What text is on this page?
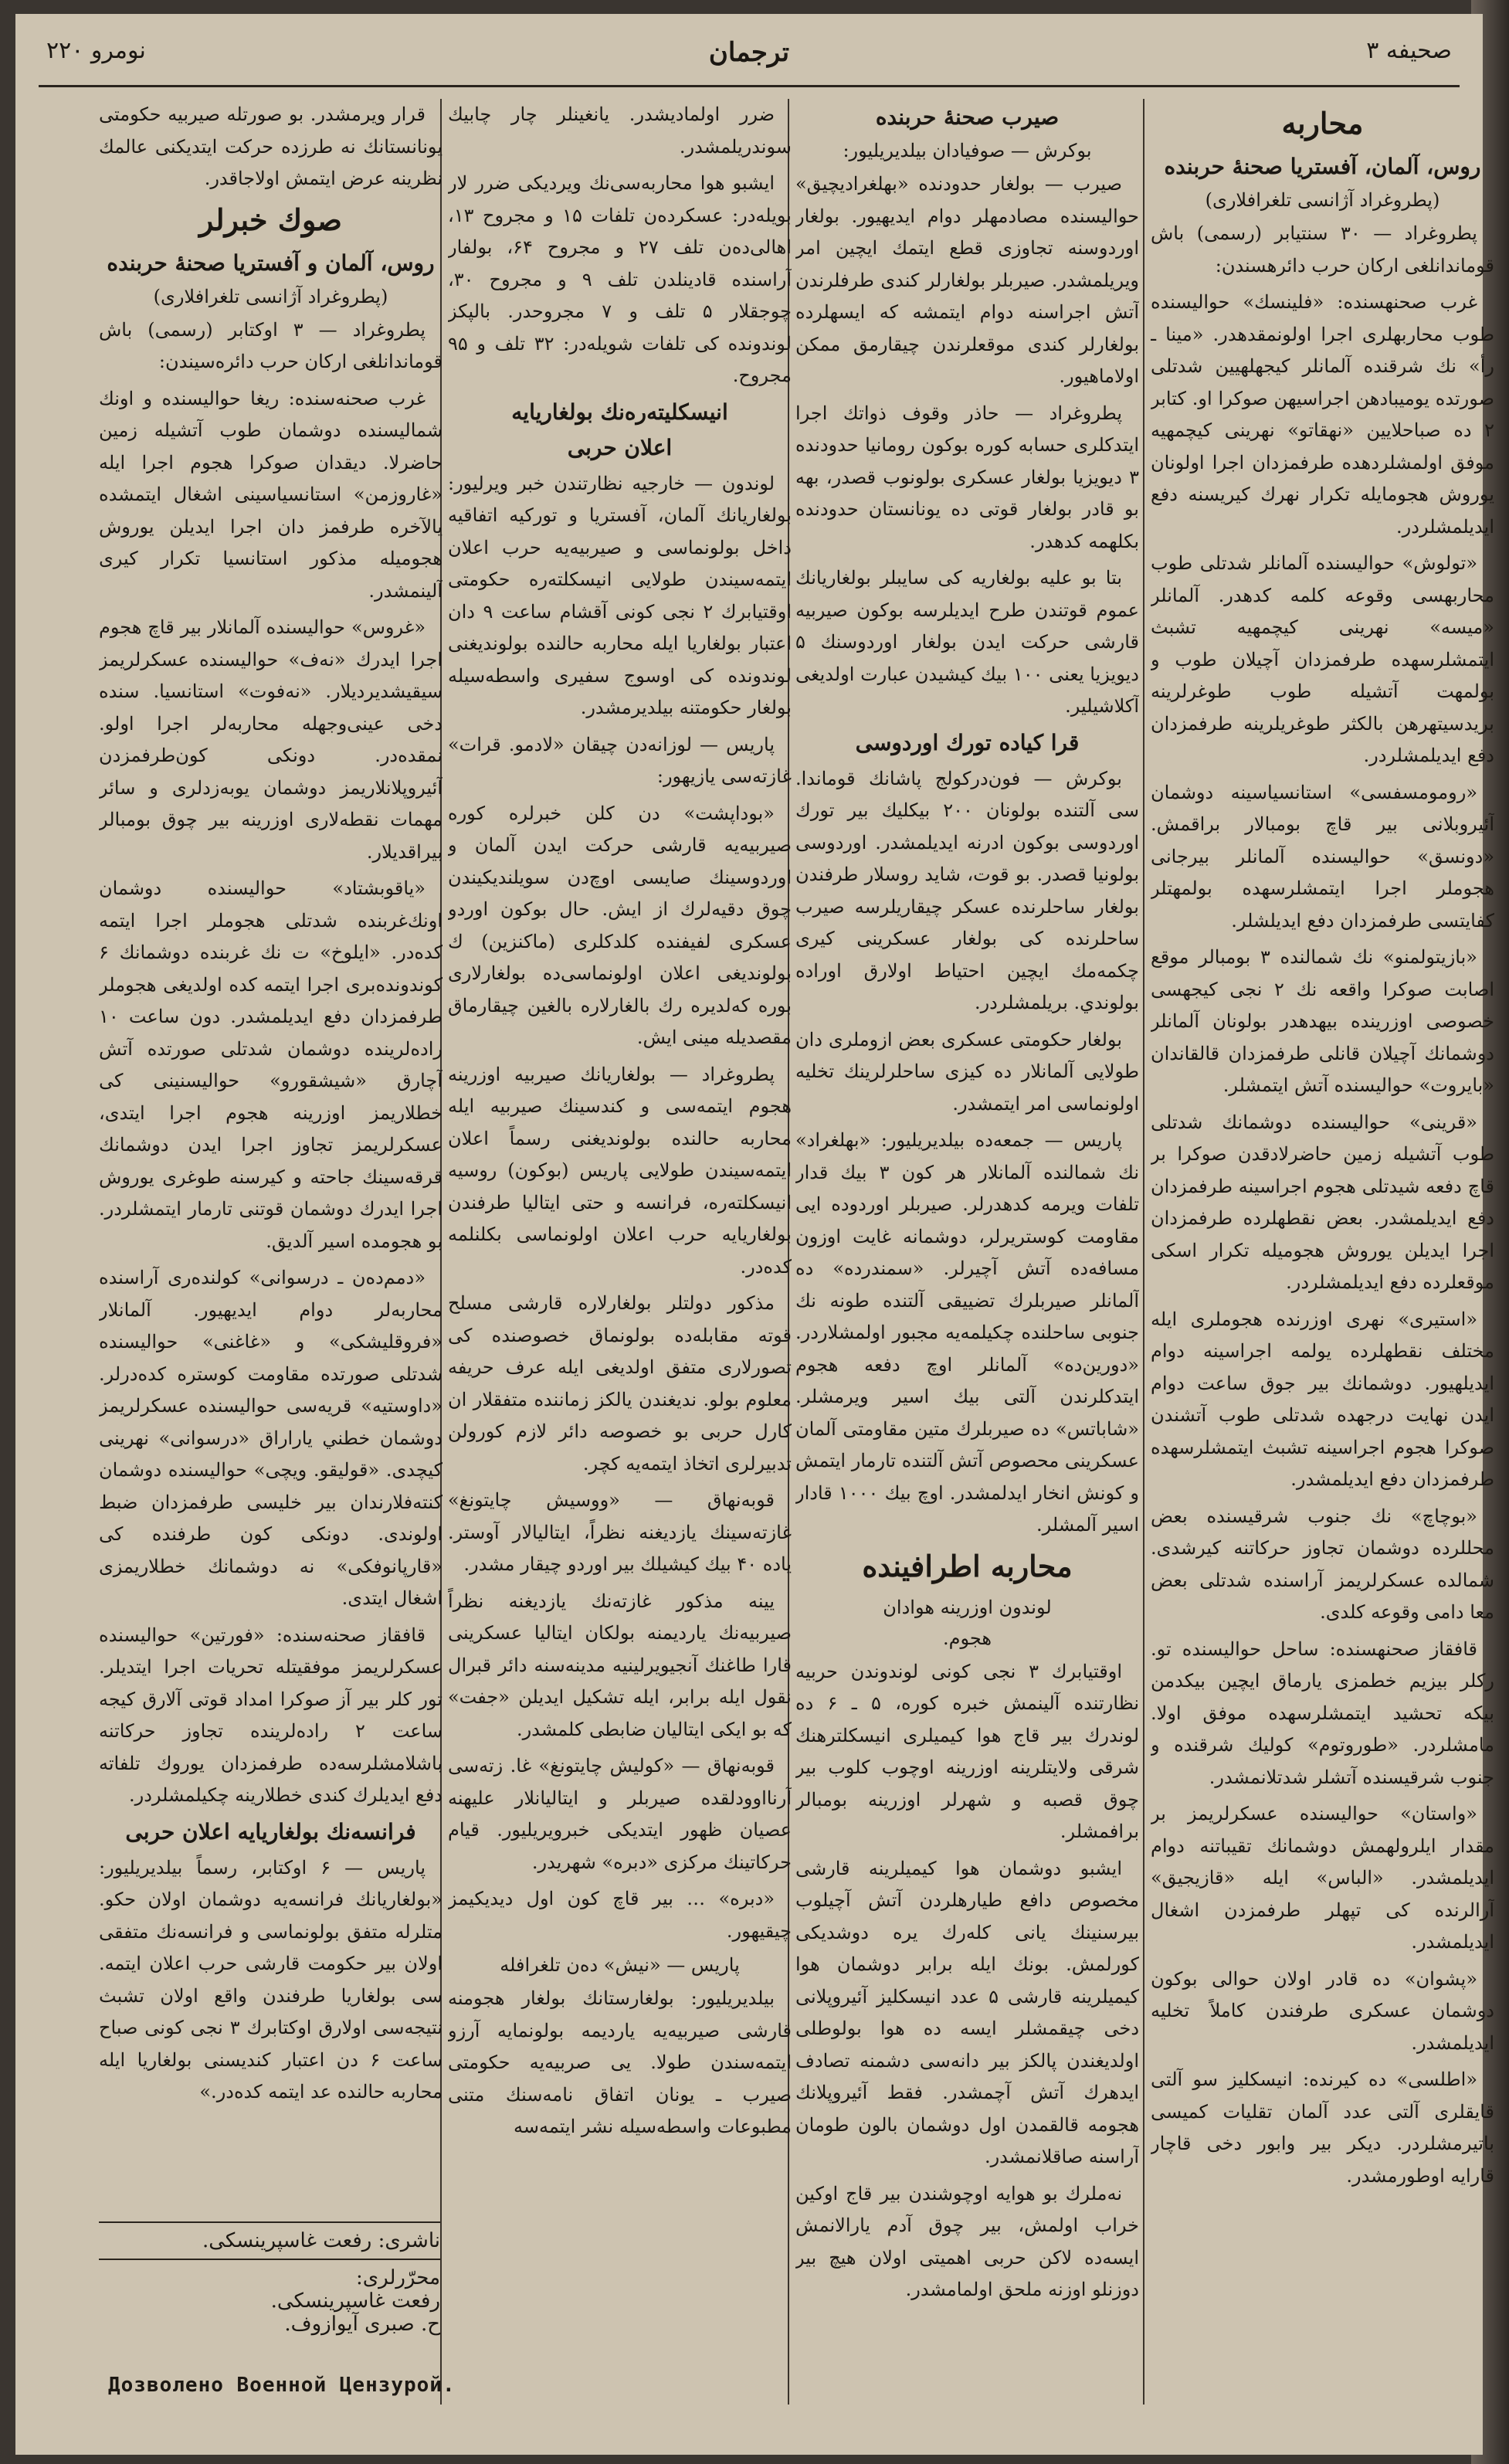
صحيفه ۳
ترجمان
نومرو ۲۲۰
محاربه
روس، آلمان، آفستريا صحنهٔ حربنده
(پطروغراد آژانسی تلغرافلاری)

پطروغراد — ۳۰ سنتيابر (رسمی) باش قوماندانلغی ارکان حرب دائرهسندن:

غرب صحنهسنده: «فلينسك» حواليسنده طوب محاربهلری اجرا اولونمقدهدر. «مينا ـ رأ» نك شرقنده آلمانلر كيجهلهيين شدتلی صورتده يوميبادهن اجراسيهن صوكرا او. كتابر ۲ ده صباحلايين «نهقاتو» نهرينی كيچمهيه موفق اولمشلردهده طرفمزدان اجرا اولونان يوروش هجومايله تكرار نهرك كيريسنه دفع ايديلمشلردر.

«تولوش» حواليسنده آلمانلر شدتلی طوب محاربهسی وقوعه كلمه كدهدر. آلمانلر «ميسه» نهرينی كيچمهيه تشبث ايتمشلرسهده طرفمزدان آچيلان طوب و بولمهت آتشيله طوب طوغرلرينه بريدسيتهرهن بالكثر طوغريلرينه طرفمزدان دفع ايديلمشلردر.

«رومومسفسی» استانسياسينه دوشمان آئيروبلانی بير قاچ بومبالار براقمش. «دونسق» حواليسنده آلمانلر بيرجانی هجوملر اجرا ايتمشلرسهده بولمهتلر كفايتسی طرفمزدان دفع ايديلشلر.

«بازيتولمنو» نك شمالنده ۳ بومبالر موقع اصابت صوكرا واقعه نك ۲ نجی كيجهسی خصوصی اوزرينده بيهدهدر بولونان آلمانلر دوشمانك آچيلان قانلی طرفمزدان قالقاندان «بايروت» حواليسنده آتش ايتمشلر.

«قرينی» حواليسنده دوشمانك شدتلی طوب آتشيله زمين حاضرلادقدن صوكرا بر قاچ دفعه شيدتلی هجوم اجراسينه طرفمزدان دفع ايديلمشدر. بعض نقطهلرده طرفمزدان اجرا ايديلن يوروش هجوميله تكرار اسكی موقعلرده دفع ايديلمشلردر.

«استيری» نهری اوزرنده هجوملری ايله مختلف نقطهلرده يولمه اجراسينه دوام ايديلهيور. دوشمانك بير جوق ساعت دوام ايدن نهايت درجهده شدتلی طوب آتشندن صوكرا هجوم اجراسينه تشبث ايتمشلرسهده طرفمزدان دفع ايديلمشدر.

«بوچاچ» نك جنوب شرقيسنده بعض محللرده دوشمان تجاوز حركاتنه كيرشدی. شمالده عسكرلريمز آراسنده شدتلی بعض معا دامی وقوعه كلدی.

قافقاز صحنهسنده: ساحل حواليسنده تو. ركلر بيزيم خطمزی يارماق ايچين بيكدمن بيكه تحشيد ايتمشلرسهده موفق اولا. مامشلردر. «طوروتوم» كوليك شرقنده و جنوب شرقيسنده آتشلر شدتلانمشدر.

«واستان» حواليسنده عسكرلريمز بر مقدار ايلرولهمش دوشمانك تقيباتنه دوام ايديلمشدر. «الباس» ايله «قازيجيق» آرالرنده كی تپهلر طرفمزدن اشغال ايديلمشدر.

«پشوان» ده قادر اولان حوالی بوكون دوشمان عسكری طرفندن كاملاً تخليه ايديلمشدر.

«اطلسی» ده كيرنده: انيسكليز سو آلتی قايقلری آلتی عدد آلمان تقليات كميسی باتيرمشلردر. ديكر بير وابور دخی قاچار قارايه اوطورمشدر.

صيرب صحنهٔ حربنده
بوكرش — صوفيادان بيلديريليور:

صيرب — بولغار حدودنده «بهلغراديچيق» حواليسنده مصادمهلر دوام ايديهيور. بولغار اوردوسنه تجاوزی قطع ايتمك ايچين امر ويريلمشدر. صيربلر بولغارلر كندی طرفلرندن آتش اجراسنه دوام ايتمشه كه ايسهلرده بولغارلر كندی موقعلرندن چيقارمق ممكن اولاماهيور.

پطروغراد — حاذر وقوف ذواتك اجرا ايتدكلری حسابه كوره بوكون رومانيا حدودنده ۳ ديويزيا بولغار عسكری بولونوب قصدر، بهه بو قادر بولغار قوتی ده يونانستان حدودنده بكلهمه كدهدر.

بتا بو عليه بولغاريه كی سايبلر بولغاريانك عموم قوتندن طرح ايديلرسه بوكون صيربيه قارشی حركت ايدن بولغار اوردوسنك ۵ ديويزيا يعنی ۱۰۰ بيك كيشيدن عبارت اولديغی آكلاشيلير.

قرا كياده تورك اوردوسی

بوكرش — فون‌دركولج پاشانك قوماندا. سی آلتنده بولونان ۲۰۰ بيكليك بير تورك اوردوسی بوكون ادرنه ايديلمشدر. اوردوسی بولونيا قصدر. بو قوت، شايد روسلار طرفندن بولغار ساحلرنده عسكر چيقاريلرسه صيرب ساحلرنده كی بولغار عسكرينی كيری چكمه‌مك ايچين احتياط اولارق اوراده بولوندي. بريلمشلردر.

بولغار حكومتی عسكری بعض ازوملری دان طولايی آلمانلار ده كيزی ساحلرلرينك تخليه اولونماسی امر ايتمشدر.

پاريس — جمعه‌ده بيلديريليور: «بهلغراد» نك شمالنده آلمانلار هر كون ۳ بيك قدار تلفات ويرمه كدهدرلر. صيربلر اوردوده ايی مقاومت كوستريرلر، دوشمانه غايت اوزون مسافه‌ده آتش آچيرلر. «سمندرده» ده آلمانلر صيربلرك تضييقی آلتنده طونه نك جنوبی ساحلنده چكيلمه‌يه مجبور اولمشلاردر. «دورين‌ده» آلمانلر اوچ دفعه هجوم ايتدكلرندن آلتی بيك اسير ويرمشلر. «شاباتس» ده صيربلرك متين مقاومتی آلمان عسكرينی محصوص آتش آلتنده تارمار ايتمش و كونش انخار ايدلمشدر. اوچ بيك ۱۰۰۰ قادار اسير آلمشلر.

محاربه اطرافينده
لوندون اوزرينه هوادان
هجوم.

اوقتيابرك ۳ نجی كونی لوندوندن حربيه نظارتنده آلينمش خبره كوره، ۵ ـ ۶ ده لوندرك بير قاج هوا كيمیلری انيسكلترهنك شرقی ولايتلرينه اوزرينه اوچوب كلوب بير چوق قصبه و شهرلر اوزرينه بومبالر برافمشلر.

ايشبو دوشمان هوا كيمیلرينه قارشی مخصوص دافع طيارهلردن آتش آچيلوب بيرسنينك يانی كله‌رك يره دوشديكی كورلمش. بونك ايله برابر دوشمان هوا كيمیلرينه قارشی ۵ عدد انيسكليز آئيروپلانی دخی چيقمشلر ايسه ده هوا بولوطلی اولديغندن پالكز بير دانه‌سی دشمنه تصادف ايدهرك آتش آچمشدر. فقط آئيروپلانك هجومه قالقمدن اول دوشمان بالون طومان آراسنه صاقلانمشدر.

نه‌ملرك بو هوايه اوچوشندن بير قاج اوكين خراب اولمش، بير چوق آدم يارالانمش ايسه‌ده لاكن حربی اهميتی اولان هيچ بير دوزنلو اوزنه ملحق اولمامشدر.

ضرر اولماديشدر. يانغينلر چار چابيك سوندريلمشدر.

ايشبو هوا محاربه‌سی‌نك ويرديكی ضرر لار بويله‌در: عسكرده‌ن تلفات ۱۵ و مجروح ۱۳، اهالی‌ده‌ن تلف ۲۷ و مجروح ۶۴، بولفار آراسنده قادينلدن تلف ۹ و مجروح ۳۰، چوجقلار ۵ تلف و ۷ مجروحدر. بالپكز لوندونده كی تلفات شويله‌در: ۳۲ تلف و ۹۵ مجروح.

انيسكليته‌ره‌نك بولغاريايه
اعلان حربی

لوندون — خارجيه نظارتندن خبر ويرليور: بولغاريانك آلمان، آفستريا و توركيه اتفاقيه داخل بولونماسی و صيربيه‌يه حرب اعلان ايتمه‌سيندن طولايی انيسكلته‌ره حكومتی اوقتيابرك ۲ نجی كونی آقشام ساعت ۹ دان اعتبار بولغاريا ايله محاربه حالنده بولونديغنی لوندونده كی اوسوج سفيری واسطه‌سيله بولغار حكومتنه بيلديرمشدر.

پاريس — لوزانه‌دن چيقان «لادمو. قرات» غازته‌سی يازيهور:

«بوداپشت» دن كلن خبرلره كوره صيربيه‌يه قارشی حركت ايدن آلمان و اوردوسينك صايسی اوچ‌دن سويلنديكيندن چوق دقيه‌لرك از ايش. حال بوكون اوردو عسكری لفيفنده كلدكلری (ماكنزين) ك بولونديغی اعلان اولونماسی‌ده بولغارلاری بوره كه‌لديره رك بالغارلاره بالغين چيقارماق مقصديله مينی ايش.

پطروغراد — بولغاريانك صيربيه اوزرينه هجوم ايتمه‌سی و كندسينك صيربيه ايله محاربه حالنده بولونديغنی رسماً اعلان ايتمه‌سيندن طولايی پاريس (بوكون) روسيه انيسكلته‌ره، فرانسه و حتی ايتاليا طرفندن بولغاريايه حرب اعلان اولونماسی بكلنلمه كده‌در.

مذكور دولتلر بولغارلاره قارشی مسلح قوته مقابله‌ده بولونماق خصوصنده كی تصورلاری متفق اولديغی ايله عرف حريفه معلوم بولو. نديغندن يالكز زماننده متفقلار ان كارل حربی بو خصوصه دائر لازم كورولن تدبيرلری اتخاذ ايتمه‌يه كچر.

قوبه‌نهاق — «ووسيش چايتونغ» غازته‌سينك يازديغنه نظراً، ايتاليالار آوستر. ياده ۴۰ بيك كيشيلك بير اوردو چيقار مشدر.

يينه مذكور غازته‌نك يازديغنه نظراً صيربيه‌نك يارديمنه بولكان ايتاليا عسكرينی قارا طاغنك آنجيويرلينيه مدينه‌سنه دائر قبرال نقول ايله برابر، ايله تشكيل ايديلن «جفت» كه بو ايكی ايتاليان ضابطی كلمشدر.

قوبه‌نهاق — «كوليش چايتونغ» غا. زته‌سی آرنااوودلقده صيربلر و ايتاليانلار عليهنه عصيان ظهور ايتديكی خبرويريليور. قيام حركاتينك مركزی «دبره» شهريدر.

«دبره» … بير قاچ كون اول ديديكيمز چيقيهور.

پاريس — «نيش» ده‌ن تلغرافله

بيلديريليور: بولغارستانك بولغار هجومنه قارشی صيربيه‌يه يارديمه بولونمايه آرزو ايتمه‌سندن طولا. يی صربيه‌يه حكومتی صيرب ـ يونان اتفاق نامه‌سنك متنی مطبوعات واسطه‌سيله نشر ايتمه‌سه

قرار ويرمشدر. بو صورتله صيربيه حكومتی يونانستانك نه طرزده حركت ايتديكنی عالمك نظرينه عرض ايتمش اولاجاقدر.

صوك خبرلر
روس، آلمان و آفستريا صحنهٔ حربنده
(پطروغراد آژانسی تلغرافلاری)

پطروغراد — ۳ اوكتابر (رسمی) باش قوماندانلغی ارکان حرب دائره‌سيندن:

غرب صحنه‌سنده: ريغا حواليسنده و اونك شماليسنده دوشمان طوب آتشيله زمين حاضرلا. ديقدان صوكرا هجوم اجرا ايله «غاروزمن» استانسياسينی اشغال ايتمشده يالآخره طرفمز دان اجرا ايديلن يوروش هجوميله مذكور استانسيا تكرار كيری آلينمشدر.

«غروس» حواليسنده آلمانلار بير قاچ هجوم اجرا ايدرك «نه‌ف» حواليسنده عسكرلريمز سيقيشديرديلار. «نه‌فوت» استانسيا. سنده دخی عينی‌وجهله محاربه‌لر اجرا اولو. نمقده‌در. دونكی كون‌طرفمزدن آئيروپلانلاريمز دوشمان يوبه‌زدلری و سائر مهمات نقطه‌لاری اوزرينه بير چوق بومبالر بيراقديلار.

«ياقوبشتاد» حواليسنده دوشمان اونك‌غربنده شدتلی هجوملر اجرا ايتمه كده‌در. «ايلوخ» ت نك غربنده دوشمانك ۶ كوندونده‌بری اجرا ايتمه كده اولديغی هجوملر طرفمزدان دفع ايديلمشدر. دون ساعت ۱۰ راده‌لرينده دوشمان شدتلی صورتده آتش آچارق «شيشقورو» حواليسنينی كی خطلاريمز اوزرينه هجوم اجرا ايتدی، عسكرلريمز تجاوز اجرا ايدن دوشمانك قرقه‌سينك جاحته و كيرسنه طوغری يوروش اجرا ايدرك دوشمان قوتنی تارمار ايتمشلردر. بو هجومده اسير آلديق.

«دمم‌ده‌ن ـ درسوانی» كولنده‌ری آراسنده محاربه‌لر دوام ايديهيور. آلمانلار «فروقليشكی» و «غاغنی» حواليسنده شدتلی صورتده مقاومت كوستره كده‌درلر. «داوستيه» قريه‌سی حواليسنده عسكرلريمز دوشمان خطني ياراراق «درسوانی» نهرينی كيچدی. «قوليقو. ويچی» حواليسنده دوشمان كنته‌فلارندان بير خليسی طرفمزدان ضبط اولوندی. دونكی كون طرفنده كی «قارپانوفكی» نه دوشمانك خطلاريمزی اشغال ايتدی.

قافقاز صحنه‌سنده: «فورتين» حواليسنده عسكرلريمز موفقيتله تحريات اجرا ايتديلر. تور كلر بير آز صوكرا امداد قوتی آلارق كيجه ساعت ۲ راده‌لرينده تجاوز حركاتنه باشلامشلرسه‌ده طرفمزدان يوروك تلفاته دفع ايديلرك كندی خطلارينه چكيلمشلردر.

فرانسه‌نك بولغاريايه اعلان حربی

پاريس — ۶ اوكتابر، رسماً بيلديريليور: «بولغاريانك فرانسه‌يه دوشمان اولان حكو. متلرله متفق بولونماسی و فرانسه‌نك متفقی اولان بير حكومت قارشی حرب اعلان ايتمه‌. سی بولغاريا طرفندن واقع اولان تشبث نتيجه‌سی اولارق اوكتابرك ۳ نجی كونی صباح ساعت ۶ دن اعتبار كنديسنی بولغاريا ايله محاربه حالنده عد ايتمه كده‌در.»

ناشری: رفعت غاسپرينسكی.
محرّرلری:
رفعت غاسپرينسكی.
ح. صبری آيواز‌وف.
Дозволено Военной Цензурой.
